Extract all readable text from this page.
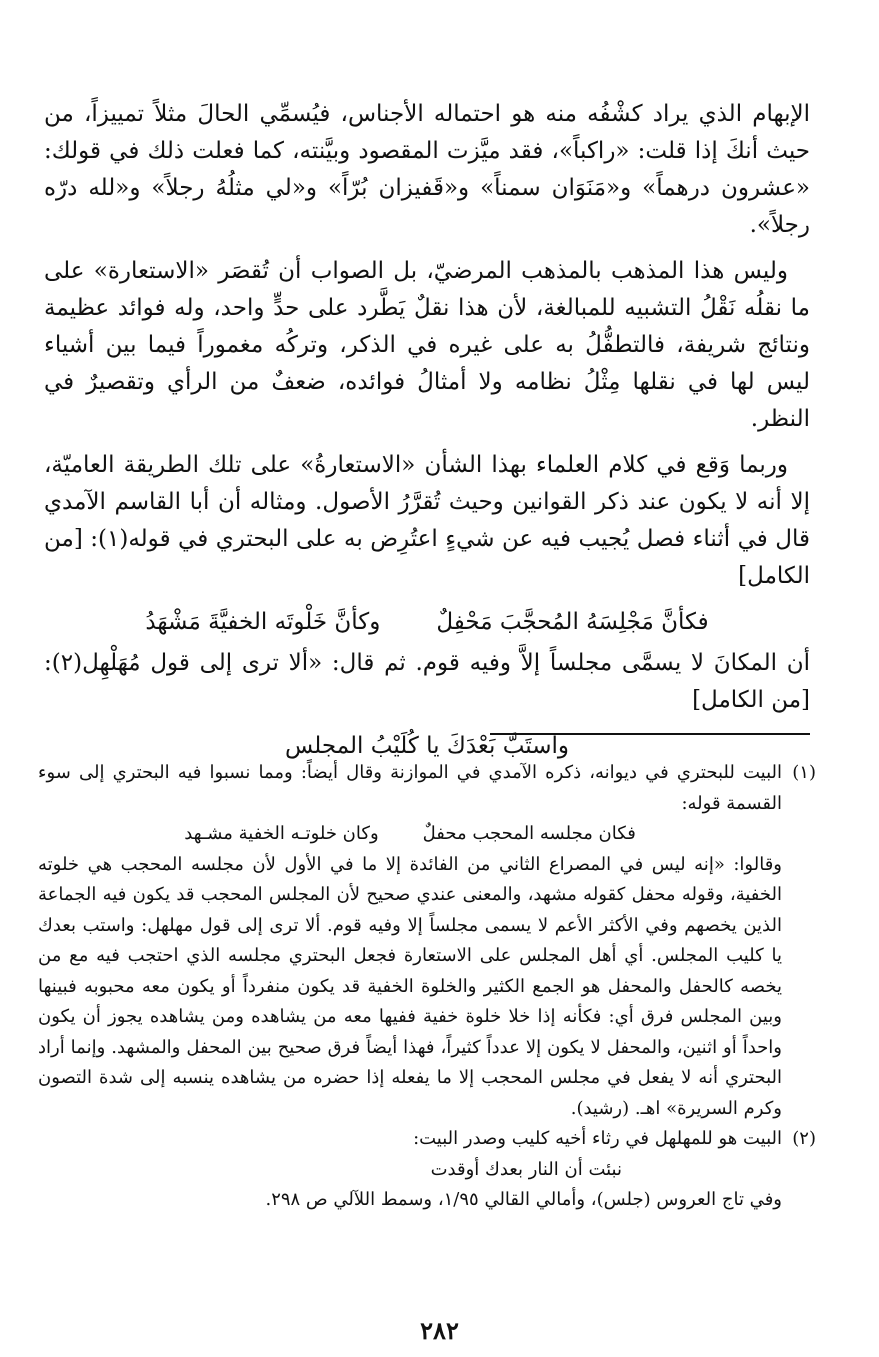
الإبهام الذي يراد كشْفُه منه هو احتماله الأجناس، فيُسمِّي الحالَ مثلاً تمييزاً، من حيث أنكَ إذا قلت: «راكباً»، فقد ميَّزت المقصود وبيَّنته، كما فعلت ذلك في قولك: «عشرون درهماً» و«مَنَوَان سمناً» و«قَفيزان بُرّاً» و«لي مثلُهُ رجلاً» و«لله درّه رجلاً».

وليس هذا المذهب بالمذهب المرضيّ، بل الصواب أن تُقصَر «الاستعارة» على ما نقلُه نَقْلُ التشبيه للمبالغة، لأن هذا نقلٌ يَطَّرد على حدٍّ واحد، وله فوائد عظيمة ونتائج شريفة، فالتطفُّلُ به على غيره في الذكر، وتركُه مغموراً فيما بين أشياء ليس لها في نقلها مِثْلُ نظامه ولا أمثالُ فوائده، ضعفٌ من الرأي وتقصيرٌ في النظر.

وربما وَقع في كلام العلماء بهذا الشأن «الاستعارةُ» على تلك الطريقة العاميّة، إلا أنه لا يكون عند ذكر القوانين وحيث تُقرَّرُ الأصول. ومثاله أن أبا القاسم الآمدي قال في أثناء فصل يُجيب فيه عن شيءٍ اعتُرِض به على البحتري في قوله(١): [من الكامل]

فكأنَّ مَجْلِسَهُ المُحجَّبَ مَحْفِلٌ
وكأنَّ خَلْوتَه الخفيَّةَ مَشْهَدُ

أن المكانَ لا يسمَّى مجلساً إلاَّ وفيه قوم. ثم قال: «ألا ترى إلى قول مُهَلْهِل(٢): [من الكامل]

واستَبَّ بَعْدَكَ يا كُلَيْبُ المجلس
(١)

البيت للبحتري في ديوانه، ذكره الآمدي في الموازنة وقال أيضاً: ومما نسبوا فيه البحتري إلى سوء القسمة قوله:

فكان مجلسه المحجب محفلٌ
وكان خلوتـه الخفية مشـهد

وقالوا: «إنه ليس في المصراع الثاني من الفائدة إلا ما في الأول لأن مجلسه المحجب هي خلوته الخفية، وقوله محفل كقوله مشهد، والمعنى عندي صحيح لأن المجلس المحجب قد يكون فيه الجماعة الذين يخصهم وفي الأكثر الأعم لا يسمى مجلساً إلا وفيه قوم. ألا ترى إلى قول مهلهل: واستب بعدك يا كليب المجلس. أي أهل المجلس على الاستعارة فجعل البحتري مجلسه الذي احتجب فيه مع من يخصه كالحفل والمحفل هو الجمع الكثير والخلوة الخفية قد يكون منفرداً أو يكون معه محبوبه فبينها وبين المجلس فرق أي: فكأنه إذا خلا خلوة خفية ففيها معه من يشاهده ومن يشاهده يجوز أن يكون واحداً أو اثنين، والمحفل لا يكون إلا عدداً كثيراً، فهذا أيضاً فرق صحيح بين المحفل والمشهد. وإنما أراد البحتري أنه لا يفعل في مجلس المحجب إلا ما يفعله إذا حضره من يشاهده ينسبه إلى شدة التصون وكرم السريرة» اهـ. (رشيد).

(٢)

البيت هو للمهلهل في رثاء أخيه كليب وصدر البيت:

نبئت أن النار بعدك أوقدت

وفي تاج العروس (جلس)، وأمالي القالي ١/٩٥، وسمط اللآلي ص ٢٩٨.

٢٨٢
